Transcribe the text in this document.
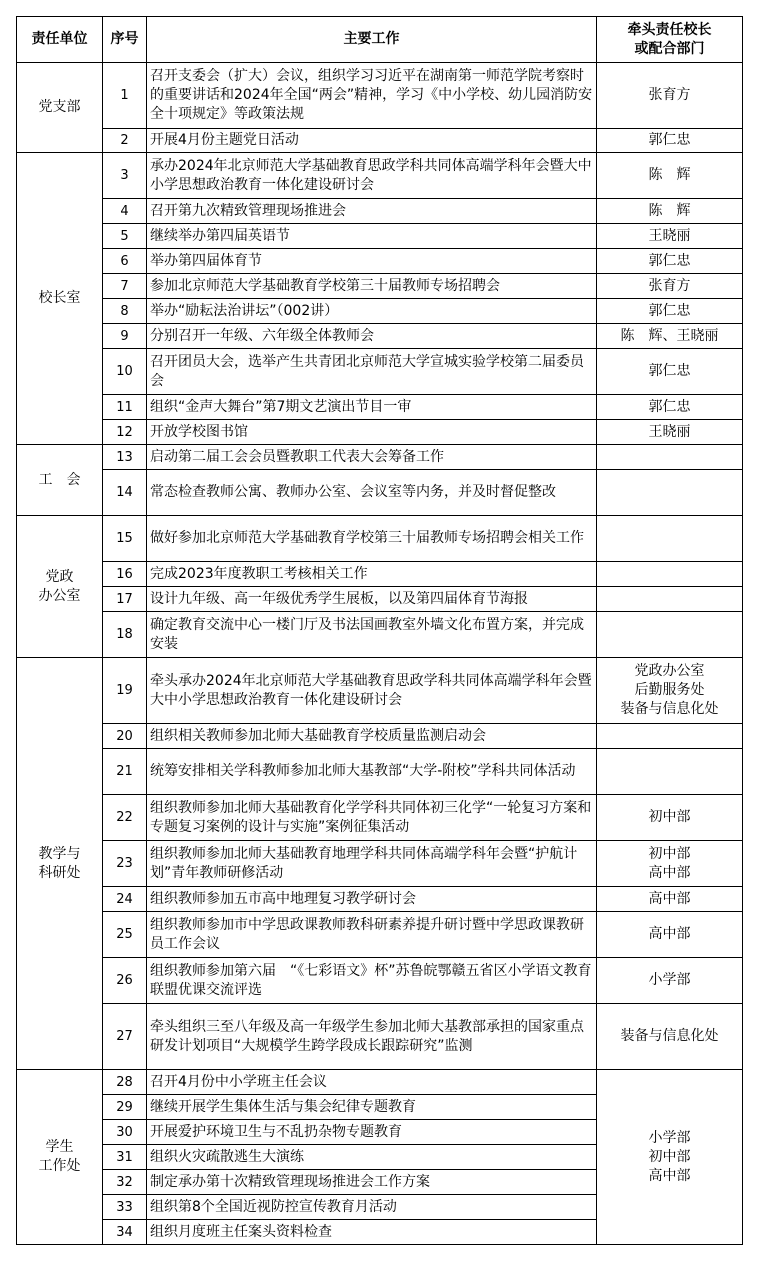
责任单位	序号	主要工作	牵头责任校长
或配合部门
党支部	1	召开支委会（扩大）会议，组织学习习近平在湖南第一师范学院考察时的重要讲话和2024年全国“两会”精神，学习《中小学校、幼儿园消防安全十项规定》等政策法规	张育方
	2	开展4月份主题党日活动	郭仁忠
校长室	3	承办2024年北京师范大学基础教育思政学科共同体高端学科年会暨大中小学思想政治教育一体化建设研讨会	陈　辉
	4	召开第九次精致管理现场推进会	陈　辉
	5	继续举办第四届英语节	王晓丽
	6	举办第四届体育节	郭仁忠
	7	参加北京师范大学基础教育学校第三十届教师专场招聘会	张育方
	8	举办“励耘法治讲坛”（002讲）	郭仁忠
	9	分别召开一年级、六年级全体教师会	陈　辉、王晓丽
	10	召开团员大会，选举产生共青团北京师范大学宣城实验学校第二届委员会	郭仁忠
	11	组织“金声大舞台”第7期文艺演出节目一审	郭仁忠
	12	开放学校图书馆	王晓丽
工　会	13	启动第二届工会会员暨教职工代表大会筹备工作	
	14	常态检查教师公寓、教师办公室、会议室等内务，并及时督促整改	
党政
办公室	15	做好参加北京师范大学基础教育学校第三十届教师专场招聘会相关工作	
	16	完成2023年度教职工考核相关工作	
	17	设计九年级、高一年级优秀学生展板，以及第四届体育节海报	
	18	确定教育交流中心一楼门厅及书法国画教室外墙文化布置方案，并完成安装	
教学与
科研处	19	牵头承办2024年北京师范大学基础教育思政学科共同体高端学科年会暨大中小学思想政治教育一体化建设研讨会	党政办公室
后勤服务处
装备与信息化处
	20	组织相关教师参加北师大基础教育学校质量监测启动会	
	21	统筹安排相关学科教师参加北师大基教部“大学-附校”学科共同体活动	
	22	组织教师参加北师大基础教育化学学科共同体初三化学“一轮复习方案和专题复习案例的设计与实施”案例征集活动	初中部
	23	组织教师参加北师大基础教育地理学科共同体高端学科年会暨“护航计划”青年教师研修活动	初中部
高中部
	24	组织教师参加五市高中地理复习教学研讨会	高中部
	25	组织教师参加市中学思政课教师教科研素养提升研讨暨中学思政课教研员工作会议	高中部
	26	组织教师参加第六届　“《七彩语文》杯”苏鲁皖鄂赣五省区小学语文教育联盟优课交流评选	小学部
	27	牵头组织三至八年级及高一年级学生参加北师大基教部承担的国家重点研发计划项目“大规模学生跨学段成长跟踪研究”监测	装备与信息化处
学生
工作处	28	召开4月份中小学班主任会议	小学部
初中部
高中部
	29	继续开展学生集体生活与集会纪律专题教育	
	30	开展爱护环境卫生与不乱扔杂物专题教育	
	31	组织火灾疏散逃生大演练	
	32	制定承办第十次精致管理现场推进会工作方案	
	33	组织第8个全国近视防控宣传教育月活动	
	34	组织月度班主任案头资料检查	
